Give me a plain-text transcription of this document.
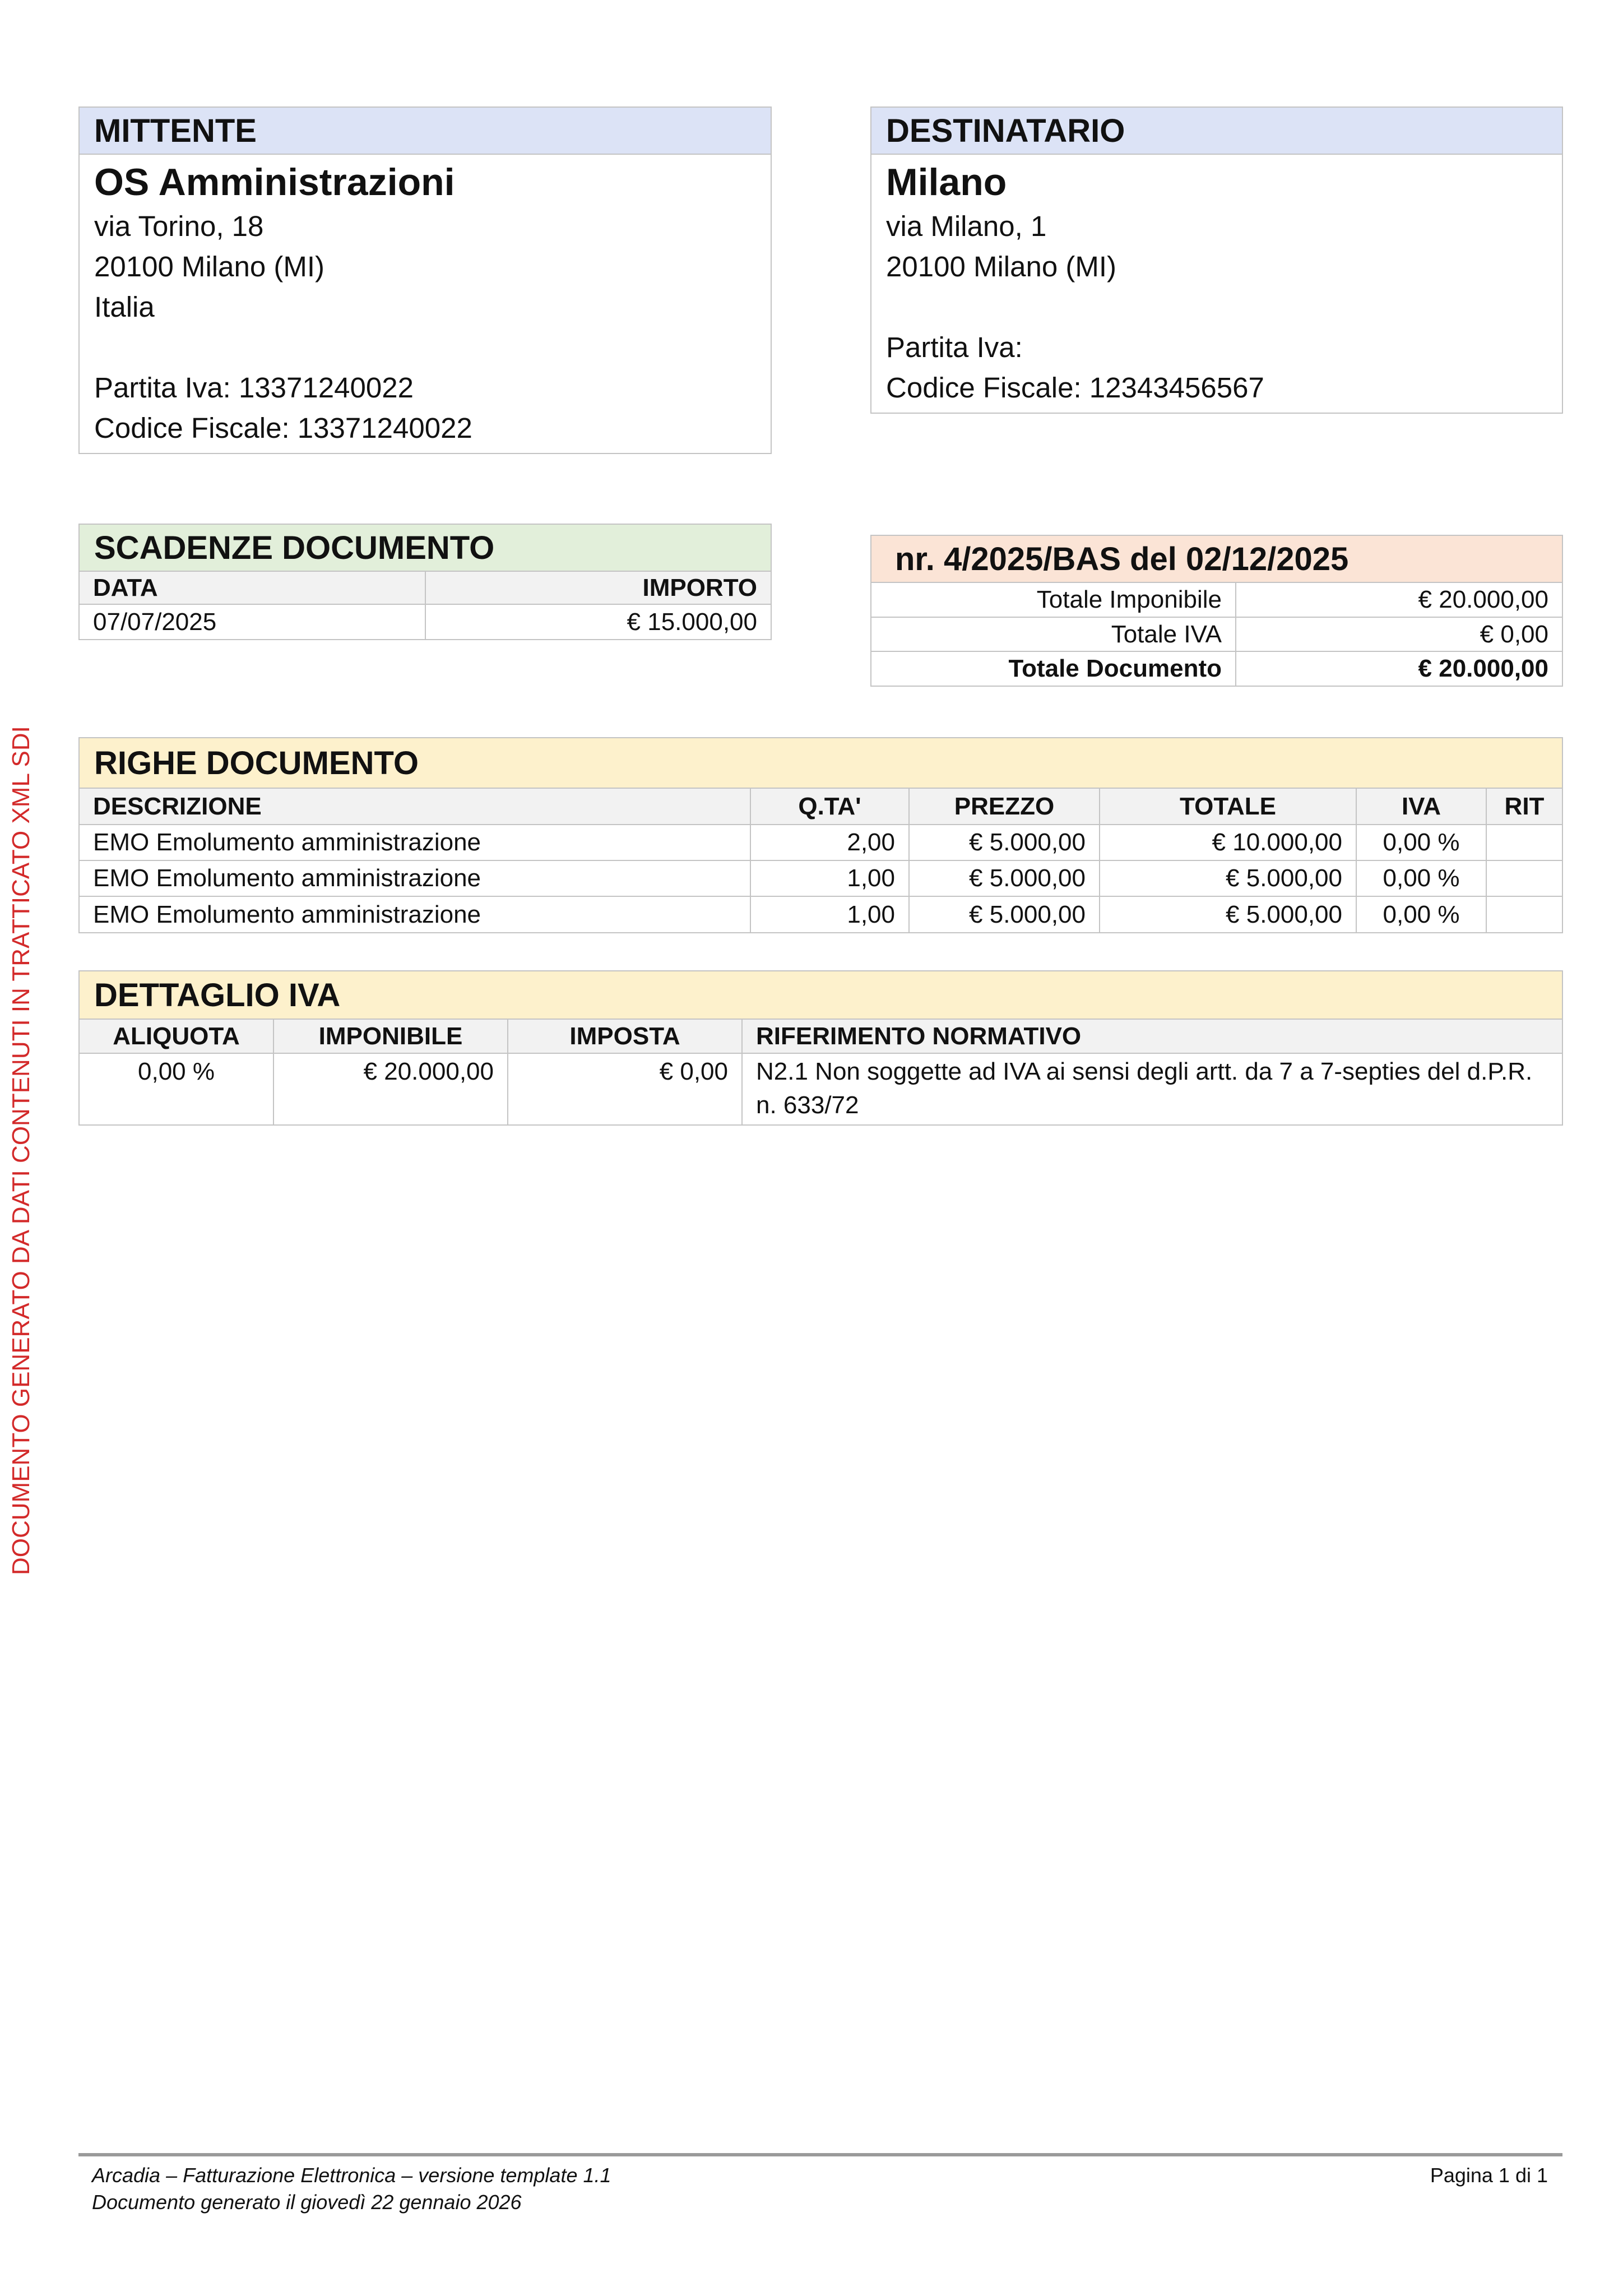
MITTENTE
OS Amministrazioni
via Torino, 18
20100 Milano (MI)
Italia
Partita Iva: 13371240022
Codice Fiscale: 13371240022
DESTINATARIO
Milano
via Milano, 1
20100 Milano (MI)
Partita Iva:
Codice Fiscale: 12343456567
SCADENZE DOCUMENTO
DATA	IMPORTO
07/07/2025	€ 15.000,00
nr. 4/2025/BAS del 02/12/2025
Totale Imponibile	€ 20.000,00
Totale IVA	€ 0,00
Totale Documento	€ 20.000,00
RIGHE DOCUMENTO
DESCRIZIONE	Q.TA'	PREZZO	TOTALE	IVA	RIT
EMO Emolumento amministrazione	2,00	€ 5.000,00	€ 10.000,00	0,00 %	
EMO Emolumento amministrazione	1,00	€ 5.000,00	€ 5.000,00	0,00 %	
EMO Emolumento amministrazione	1,00	€ 5.000,00	€ 5.000,00	0,00 %	
DETTAGLIO IVA
ALIQUOTA	IMPONIBILE	IMPOSTA	RIFERIMENTO NORMATIVO
0,00 %	€ 20.000,00	€ 0,00	N2.1 Non soggette ad IVA ai sensi degli artt. da 7 a 7-septies del d.P.R. n. 633/72
DOCUMENTO GENERATO DA DATI CONTENUTI IN TRATTICATO XML SDI
Arcadia – Fatturazione Elettronica – versione template 1.1
Documento generato il giovedì 22 gennaio 2026
Pagina 1 di 1
